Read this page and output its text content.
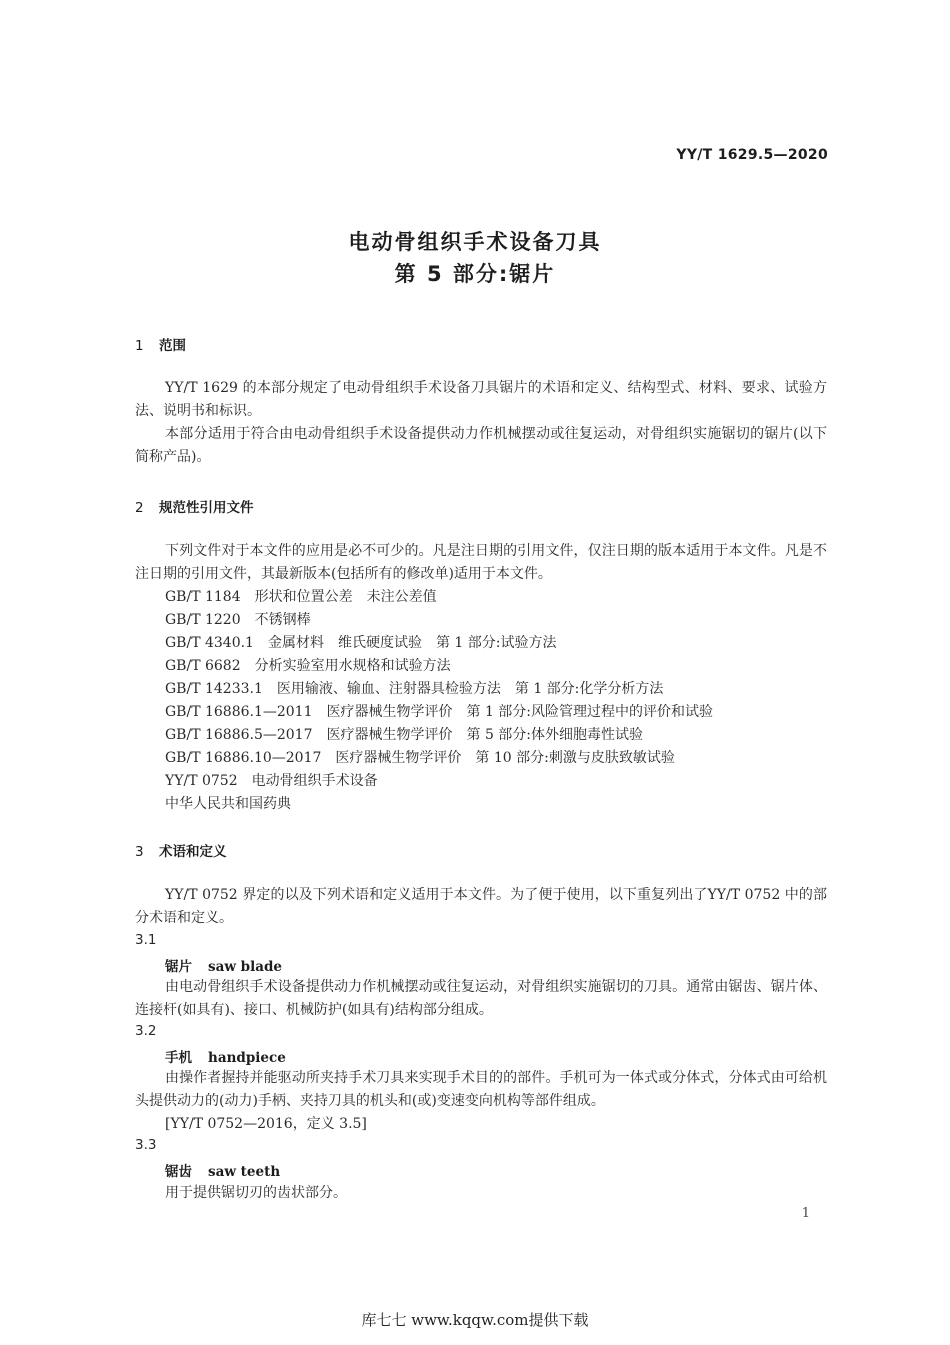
YY/T 1629.5—2020
电动骨组织手术设备刀具
第 5 部分:锯片
1 范围
YY/T 1629 的本部分规定了电动骨组织手术设备刀具锯片的术语和定义、结构型式、材料、要求、试验方法、说明书和标识。
本部分适用于符合由电动骨组织手术设备提供动力作机械摆动或往复运动，对骨组织实施锯切的锯片(以下简称产品)。
2 规范性引用文件
下列文件对于本文件的应用是必不可少的。凡是注日期的引用文件，仅注日期的版本适用于本文件。凡是不注日期的引用文件，其最新版本(包括所有的修改单)适用于本文件。
GB/T 1184 形状和位置公差　未注公差值
GB/T 1220 不锈钢棒
GB/T 4340.1 金属材料　维氏硬度试验　第 1 部分:试验方法
GB/T 6682 分析实验室用水规格和试验方法
GB/T 14233.1 医用输液、输血、注射器具检验方法　第 1 部分:化学分析方法
GB/T 16886.1—2011 医疗器械生物学评价　第 1 部分:风险管理过程中的评价和试验
GB/T 16886.5—2017 医疗器械生物学评价　第 5 部分:体外细胞毒性试验
GB/T 16886.10—2017 医疗器械生物学评价　第 10 部分:刺激与皮肤致敏试验
YY/T 0752 电动骨组织手术设备
中华人民共和国药典
3 术语和定义
YY/T 0752 界定的以及下列术语和定义适用于本文件。为了便于使用，以下重复列出了YY/T 0752 中的部分术语和定义。
3.1
锯片 saw blade
由电动骨组织手术设备提供动力作机械摆动或往复运动，对骨组织实施锯切的刀具。通常由锯齿、锯片体、连接杆(如具有)、接口、机械防护(如具有)结构部分组成。
3.2
手机 handpiece
由操作者握持并能驱动所夹持手术刀具来实现手术目的的部件。手机可为一体式或分体式，分体式由可给机头提供动力的(动力)手柄、夹持刀具的机头和(或)变速变向机构等部件组成。
[YY/T 0752—2016，定义 3.5]
3.3
锯齿 saw teeth
用于提供锯切刃的齿状部分。
1
库七七 www.kqqw.com提供下载
